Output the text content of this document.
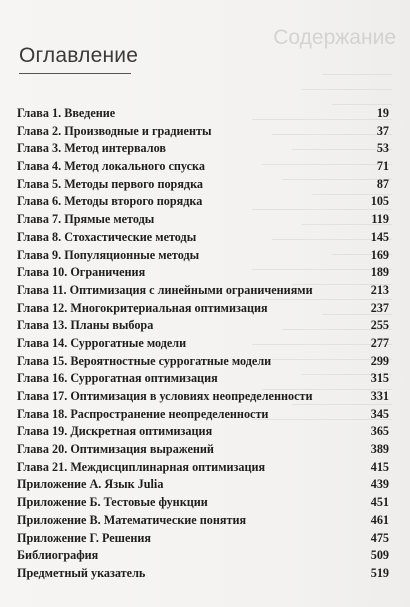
Содержание
Оглавление
Глава 1. Введение	19
Глава 2. Производные и градиенты	37
Глава 3. Метод интервалов	53
Глава 4. Метод локального спуска	71
Глава 5. Методы первого порядка	87
Глава 6. Методы второго порядка	105
Глава 7. Прямые методы	119
Глава 8. Стохастические методы	145
Глава 9. Популяционные методы	169
Глава 10. Ограничения	189
Глава 11. Оптимизация с линейными ограничениями	213
Глава 12. Многокритериальная оптимизация	237
Глава 13. Планы выбора	255
Глава 14. Суррогатные модели	277
Глава 15. Вероятностные суррогатные модели	299
Глава 16. Суррогатная оптимизация	315
Глава 17. Оптимизация в условиях неопределенности	331
Глава 18. Распространение неопределенности	345
Глава 19. Дискретная оптимизация	365
Глава 20. Оптимизация выражений	389
Глава 21. Междисциплинарная оптимизация	415
Приложение А. Язык Julia	439
Приложение Б. Тестовые функции	451
Приложение В. Математические понятия	461
Приложение Г. Решения	475
Библиография	509
Предметный указатель	519
